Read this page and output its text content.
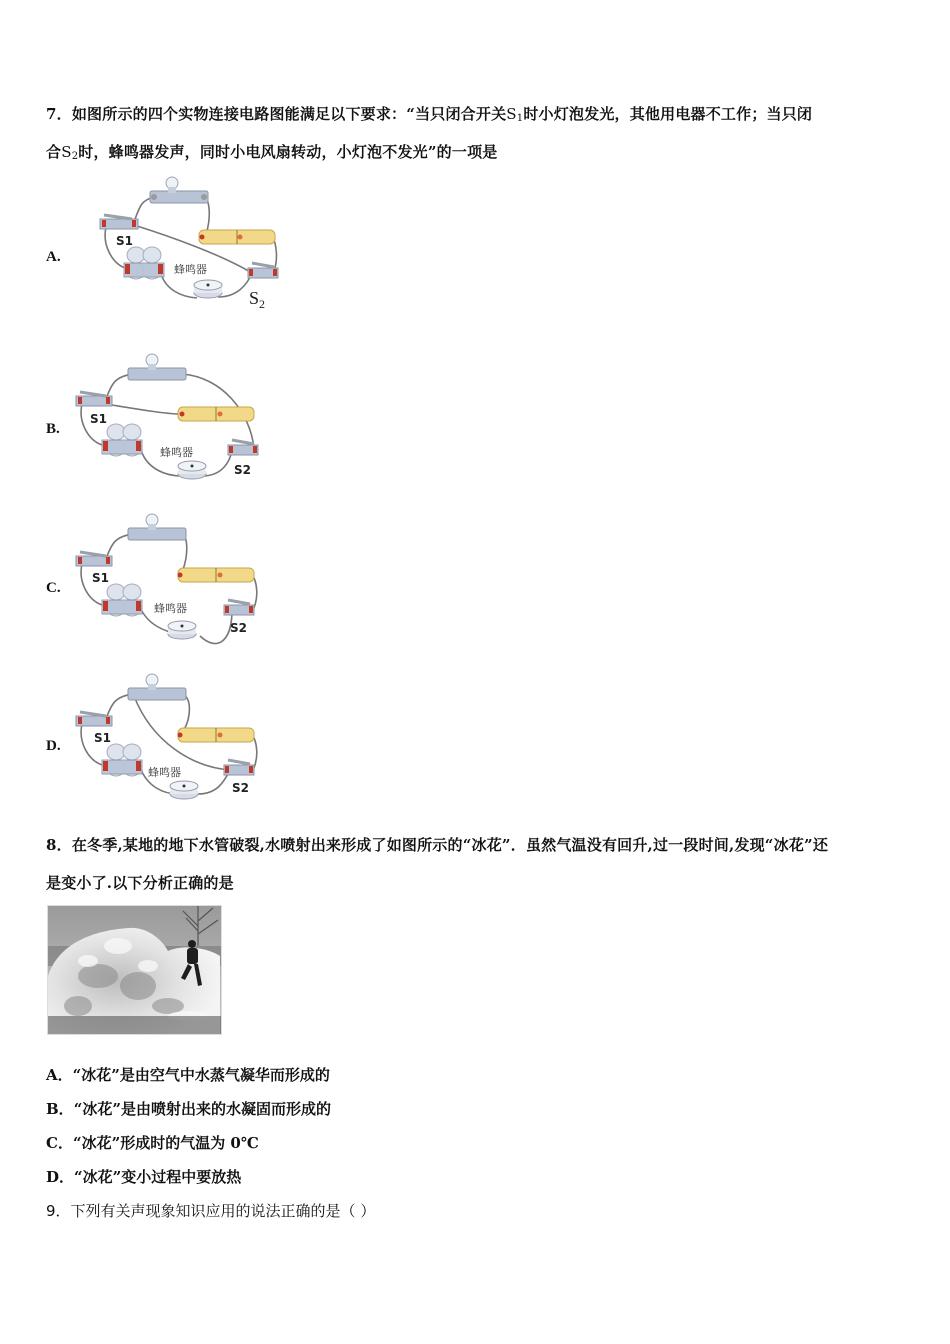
7．如图所示的四个实物连接电路图能满足以下要求：“当只闭合开关$S_1$时小灯泡发光，其他用电器不工作；当只闭
合$S_2$时，蜂鸣器发声，同时小电风扇转动，小灯泡不发光”的一项是
A.
S1
蜂鸣器
$S_2$
B.
S1
蜂鸣器
S2
C.
S1
蜂鸣器
S2
D.	S1
蜂鸣器
S2
8．在冬季,某地的地下水管破裂,水喷射出来形成了如图所示的“冰花”．虽然气温没有回升,过一段时间,发现“冰花”还
是变小了.以下分析正确的是
A．“冰花”是由空气中水蒸气凝华而形成的
B．“冰花”是由喷射出来的水凝固而形成的
C．“冰花”形成时的气温为 0℃
D．“冰花”变小过程中要放热
9．下列有关声现象知识应用的说法正确的是（ ）
